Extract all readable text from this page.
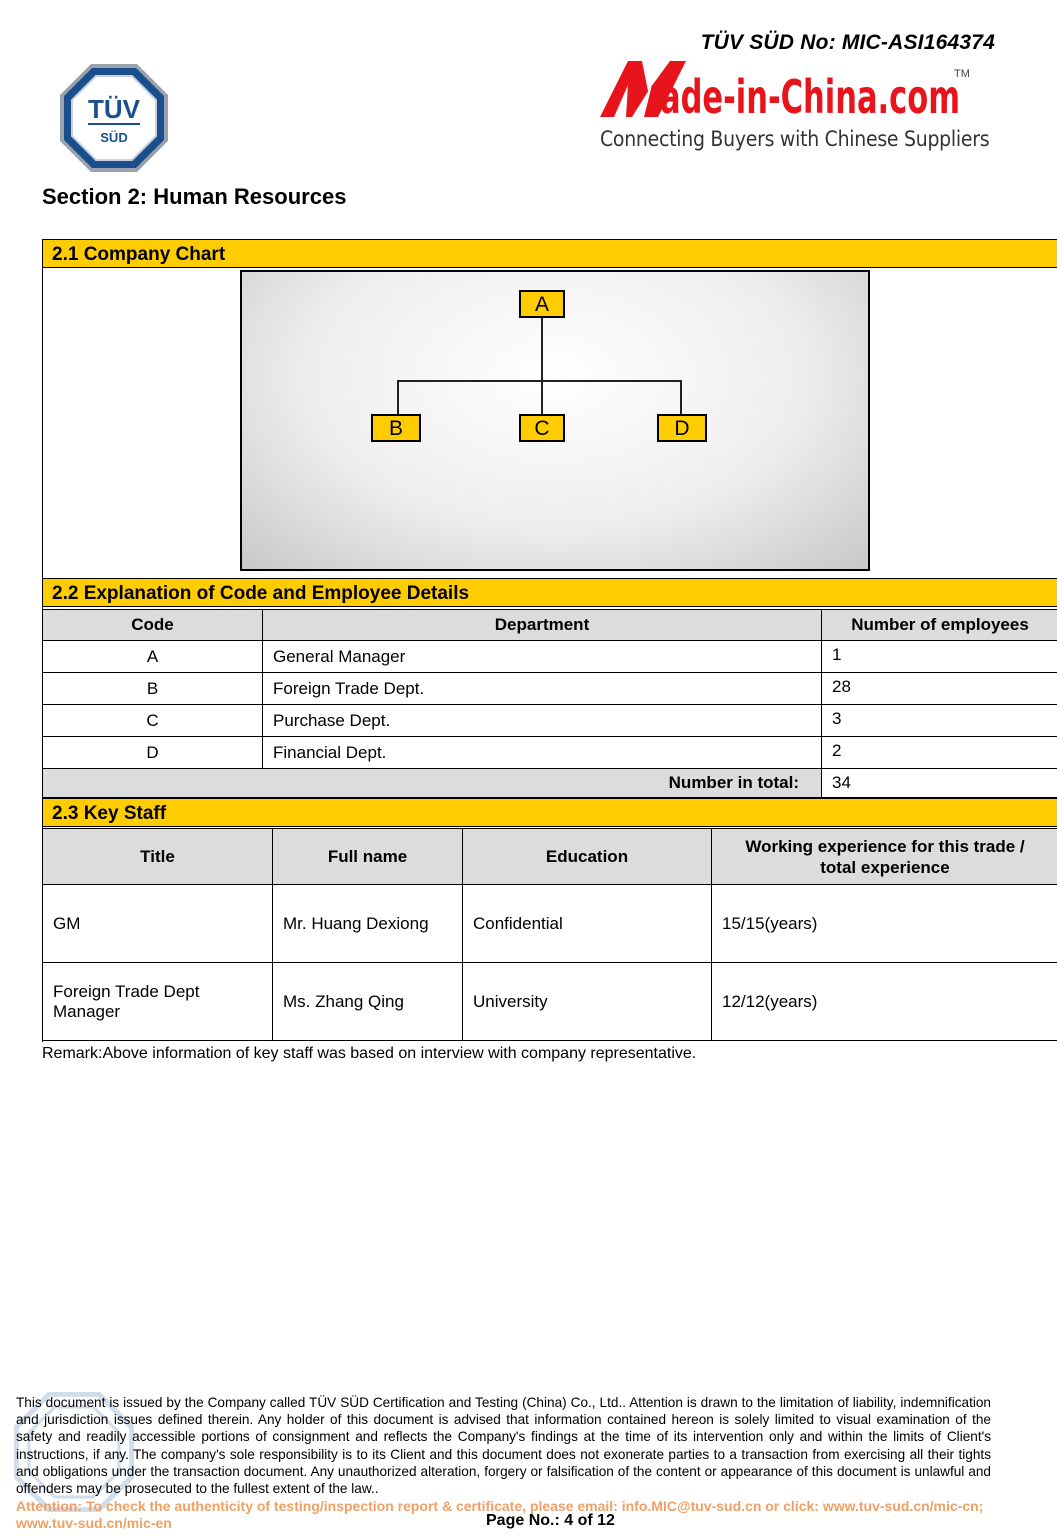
TÜV
SÜD
TÜV SÜD No: MIC-ASI164374
ade-in-China.com
TM
Connecting Buyers with Chinese Suppliers
Section 2: Human Resources
2.1 Company Chart
A
B	C	D
2.2 Explanation of Code and Employee Details
Code	Department	Number of employees
A	General Manager	1
B	Foreign Trade Dept.	28
C	Purchase Dept.	3
D	Financial Dept.	2
Number in total:		34
2.3 Key Staff
Title	Full name	Education	Working experience for this trade / total experience
GM	Mr. Huang Dexiong	Confidential	15/15(years)
Foreign Trade Dept Manager	Ms. Zhang Qing	University	12/12(years)
Remark:Above information of key staff was based on interview with company representative.
This document is issued by the Company called TÜV SÜD Certification and Testing (China) Co., Ltd.. Attention is drawn to the limitation of liability, indemnification and jurisdiction issues defined therein. Any holder of this document is advised that information contained hereon is solely limited to visual examination of the safety and readily accessible portions of consignment and reflects the Company's findings at the time of its intervention only and within the limits of Client's instructions, if any. The company's sole responsibility is to its Client and this document does not exonerate parties to a transaction from exercising all their tights and obligations under the transaction document. Any unauthorized alteration, forgery or falsification of the content or appearance of this document is unlawful and offenders may be prosecuted to the fullest extent of the law..
Attention: To check the authenticity of testing/inspection report & certificate, please email: info.MIC@tuv-sud.cn or click: www.tuv-sud.cn/mic-cn; www.tuv-sud.cn/mic-en	Page No.: 4 of 12
